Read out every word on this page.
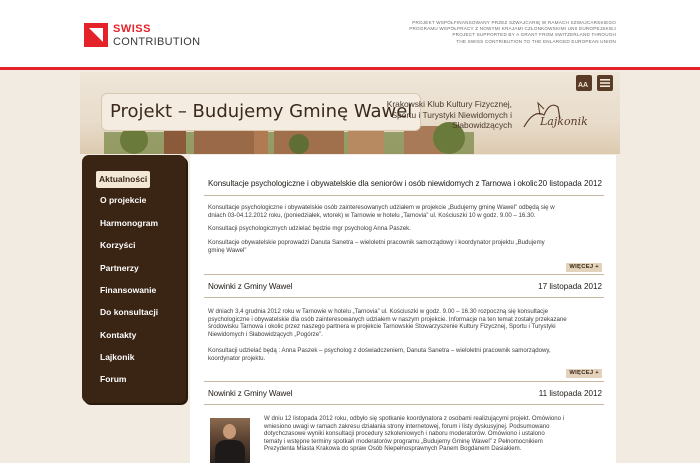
SWISS
CONTRIBUTION
PROJEKT WSPÓŁFINANSOWANY PRZEZ SZWAJCARIĘ W RAMACH SZWAJCARSKIEGO
PROGRAMU WSPÓŁPRACY Z NOWYMI KRAJAMI CZŁONKOWSKIMI UNII EUROPEJSKIEJ
PROJECT SUPPORTED BY A GRANT FROM SWITZERLAND THROUGH
THE SWISS CONTRIBUTION TO THE ENLARGED EUROPEAN UNION
Projekt – Budujemy Gminę Wawel
Krakowski Klub Kultury Fizycznej,
Sportu i Turystyki Niewidomych i
Słabowidzących	Lajkonik
AA
Aktualności
O projekcie
Harmonogram
Korzyści
Partnerzy
Finansowanie
Do konsultacji
Kontakty
Lajkonik
Forum
Konsultacje psychologiczne i obywatelskie dla seniorów i osób niewidomych z Tarnowa i okolic 20 listopada 2012
Konsultacje psychologiczne i obywatelskie osób zainteresowanych udziałem w projekcie „Budujemy gminę Wawel” odbędą się w
dniach 03-04.12.2012 roku, (poniedziałek, wtorek) w Tarnowie w hotelu „Tarnovia” ul. Kościuszki 10 w godz. 9.00 – 16.30.
Konsultacji psychologicznych udzielać będzie mgr psycholog Anna Paszek.
Konsultacje obywatelskie poprowadzi Danuta Sanetra – wieloletni pracownik samorządowy i koordynator projektu „Budujemy
gminę Wawel”
WIĘCEJ +
Nowinki z Gminy Wawel	17 listopada 2012
W dniach 3,4 grudnia 2012 roku w Tarnowie w hotelu „Tarnovia” ul. Kościuszki w godz. 9.00 – 16.30 rozpoczną się konsultacje
psychologiczne i obywatelskie dla osób zainteresowanych udziałem w naszym projekcie. Informacje na ten temat zostały przekazane
środowisku Tarnowa i okolic przez naszego partnera w projekcie Tarnowskie Stowarzyszenie Kultury Fizycznej, Sportu i Turystyki
Niewidomych i Słabowidzących „Pogórze”.
Konsultacji udzielać będą : Anna Paszek – psycholog z doświadczeniem, Danuta Sanetra – wieloletni pracownik samorządowy,
koordynator projektu.
WIĘCEJ +
Nowinki z Gminy Wawel	11 listopada 2012
W dniu 12 listopada 2012 roku, odbyło się spotkanie koordynatora z osobami realizującymi projekt. Omówiono i
wniesiono uwagi w ramach zakresu działania strony internetowej, forum i listy dyskusyjnej. Podsumowano
dotychczasowe wyniki konsultacji procedury szkoleniowych i naboru moderatorów. Omówiono i ustalono
tematy i wstępne terminy spotkań moderatorów programu „Budujemy Gminę Wawel” z Pełnomocnikiem
Prezydenta Miasta Krakowa do spraw Osób Niepełnosprawnych Panem Bogdanem Dasiakiem.
